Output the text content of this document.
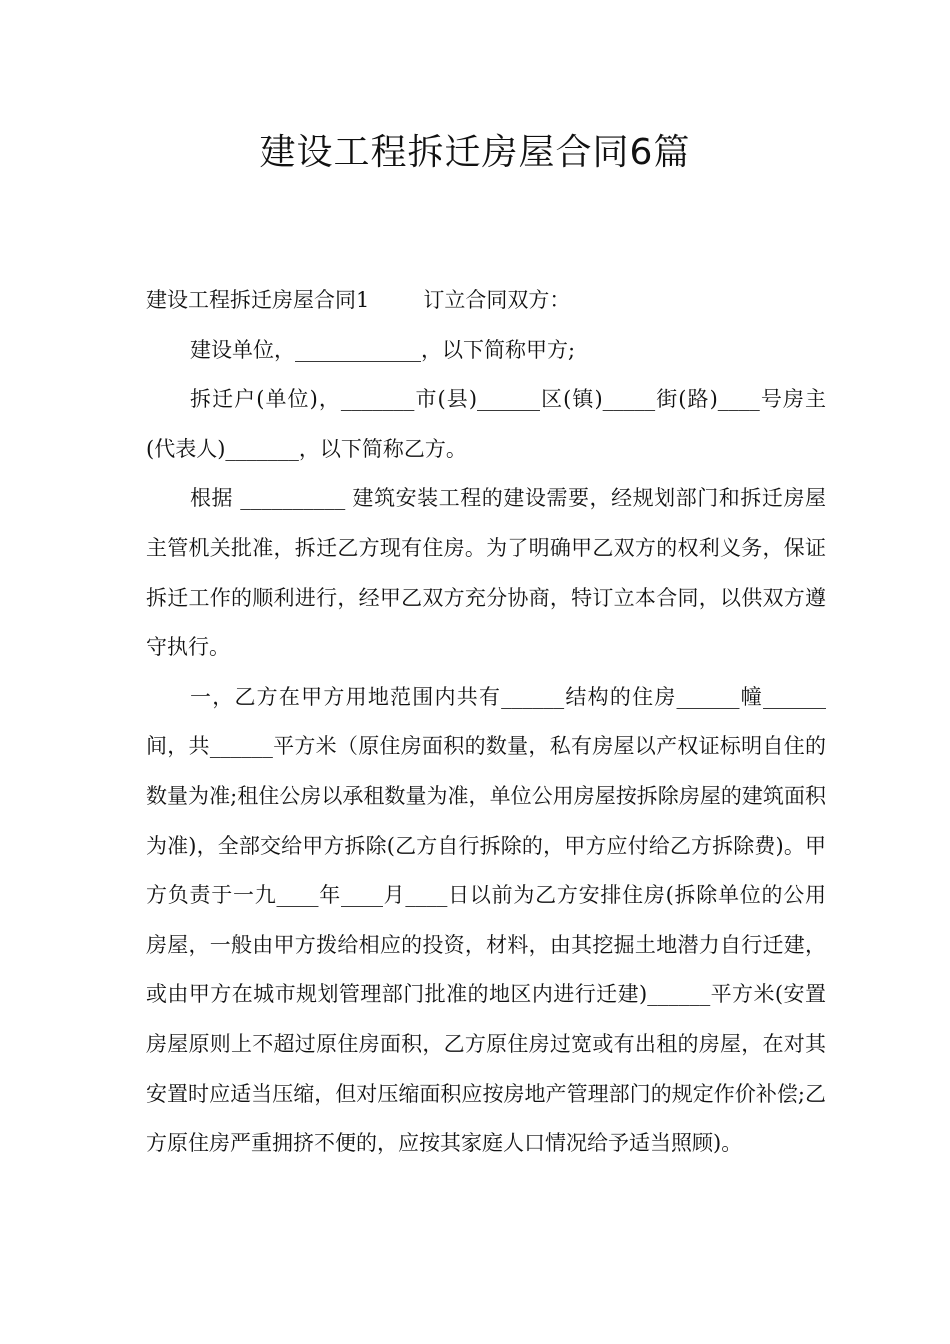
建设工程拆迁房屋合同6篇

建设工程拆迁房屋合同1	订立合同双方：

建设单位，____________，以下简称甲方;

拆迁户(单位)，_______市(县)______区(镇)_____街(路)____号房主(代表人)_______，以下简称乙方。

根据 __________ 建筑安装工程的建设需要，经规划部门和拆迁房屋主管机关批准，拆迁乙方现有住房。为了明确甲乙双方的权利义务，保证拆迁工作的顺利进行，经甲乙双方充分协商，特订立本合同，以供双方遵守执行。

一，乙方在甲方用地范围内共有______结构的住房______幢______间，共______平方米（原住房面积的数量，私有房屋以产权证标明自住的数量为准;租住公房以承租数量为准，单位公用房屋按拆除房屋的建筑面积为准)，全部交给甲方拆除(乙方自行拆除的，甲方应付给乙方拆除费)。甲方负责于一九____年____月____日以前为乙方安排住房(拆除单位的公用房屋，一般由甲方拨给相应的投资，材料，由其挖掘土地潜力自行迁建，或由甲方在城市规划管理部门批准的地区内进行迁建)______平方米(安置房屋原则上不超过原住房面积，乙方原住房过宽或有出租的房屋，在对其安置时应适当压缩，但对压缩面积应按房地产管理部门的规定作价补偿;乙方原住房严重拥挤不便的，应按其家庭人口情况给予适当照顾)。
